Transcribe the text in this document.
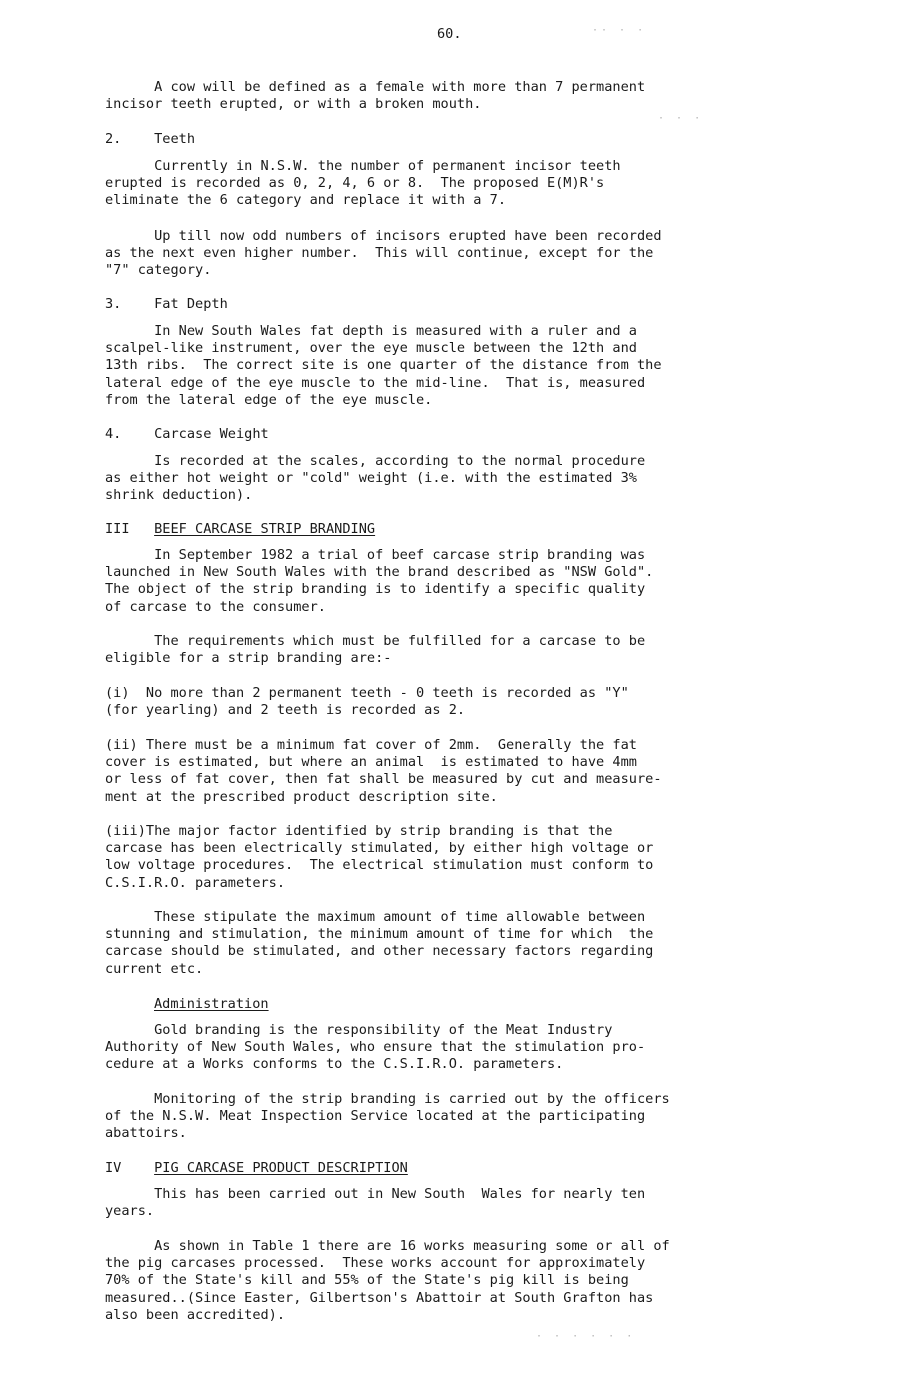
60.
A cow will be defined as a female with more than 7 permanent
incisor teeth erupted, or with a broken mouth.
2.    Teeth
Currently in N.S.W. the number of permanent incisor teeth
erupted is recorded as 0, 2, 4, 6 or 8.  The proposed E(M)R's
eliminate the 6 category and replace it with a 7.
Up till now odd numbers of incisors erupted have been recorded
as the next even higher number.  This will continue, except for the
"7" category.
3.    Fat Depth
In New South Wales fat depth is measured with a ruler and a
scalpel-like instrument, over the eye muscle between the 12th and
13th ribs.  The correct site is one quarter of the distance from the
lateral edge of the eye muscle to the mid-line.  That is, measured
from the lateral edge of the eye muscle.
4.    Carcase Weight
Is recorded at the scales, according to the normal procedure
as either hot weight or "cold" weight (i.e. with the estimated 3%
shrink deduction).
III   BEEF CARCASE STRIP BRANDING
In September 1982 a trial of beef carcase strip branding was
launched in New South Wales with the brand described as "NSW Gold".
The object of the strip branding is to identify a specific quality
of carcase to the consumer.
The requirements which must be fulfilled for a carcase to be
eligible for a strip branding are:-
(i)  No more than 2 permanent teeth - 0 teeth is recorded as "Y"
(for yearling) and 2 teeth is recorded as 2.
(ii) There must be a minimum fat cover of 2mm.  Generally the fat
cover is estimated, but where an animal  is estimated to have 4mm
or less of fat cover, then fat shall be measured by cut and measure-
ment at the prescribed product description site.
(iii)The major factor identified by strip branding is that the
carcase has been electrically stimulated, by either high voltage or
low voltage procedures.  The electrical stimulation must conform to
C.S.I.R.O. parameters.
These stipulate the maximum amount of time allowable between
stunning and stimulation, the minimum amount of time for which  the
carcase should be stimulated, and other necessary factors regarding
current etc.
Administration
Gold branding is the responsibility of the Meat Industry
Authority of New South Wales, who ensure that the stimulation pro-
cedure at a Works conforms to the C.S.I.R.O. parameters.
Monitoring of the strip branding is carried out by the officers
of the N.S.W. Meat Inspection Service located at the participating
abattoirs.
IV    PIG CARCASE PRODUCT DESCRIPTION
This has been carried out in New South  Wales for nearly ten
years.
As shown in Table 1 there are 16 works measuring some or all of
the pig carcases processed.  These works account for approximately
70% of the State's kill and 55% of the State's pig kill is being
measured..(Since Easter, Gilbertson's Abattoir at South Grafton has
also been accredited).
·· · ·
· · ·
· · · · · ·
